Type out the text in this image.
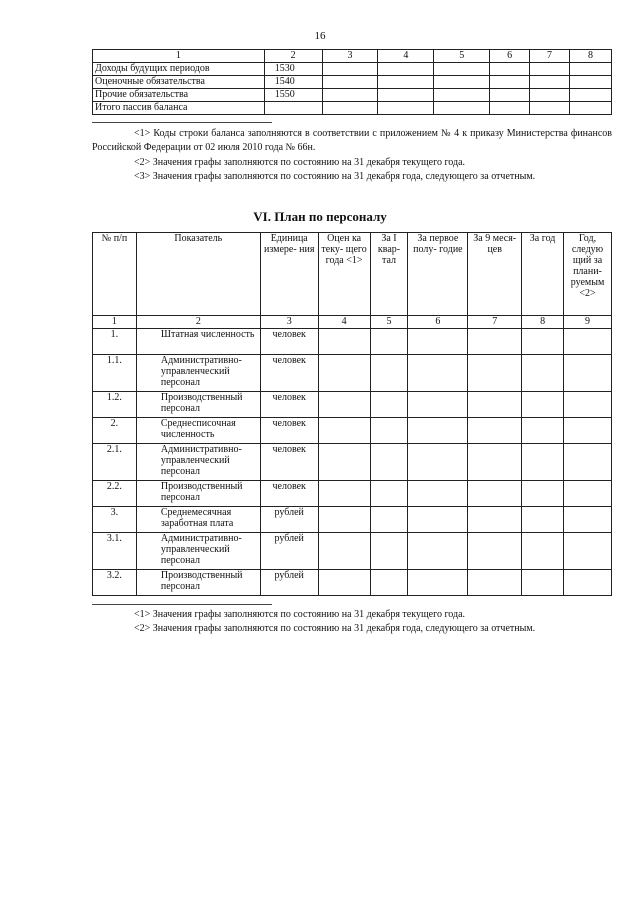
16
1	2	3	4	5	6	7	8
Доходы будущих периодов	1530						
Оценочные обязательства	1540						
Прочие обязательства	1550						
Итого пассив баланса							
<1> Коды строки баланса заполняются в соответствии с приложением № 4 к приказу Министерства финансов Российской Федерации от 02 июля 2010 года № 66н.
<2> Значения графы заполняются по состоянию на 31 декабря текущего года.
<3> Значения графы заполняются по состоянию на 31 декабря года, следующего за отчетным.
VI. План по персоналу
№ п/п	Показатель	Единица измере- ния	Оцен ка теку- щего года <1>	За I квар- тал	За первое полу- годие	За 9 меся- цев	За год	Год, следую щий за плани- руемым <2>
1	2	3	4	5	6	7	8	9
1.	Штатная численность	человек						
1.1.	Административно- управленческий персонал	человек						
1.2.	Производственный персонал	человек						
2.	Среднесписочная численность	человек						
2.1.	Административно- управленческий персонал	человек						
2.2.	Производственный персонал	человек						
3.	Среднемесячная заработная плата	рублей						
3.1.	Административно- управленческий персонал	рублей						
3.2.	Производственный персонал	рублей						
<1> Значения графы заполняются по состоянию на 31 декабря текущего года.
<2> Значения графы заполняются по состоянию на 31 декабря года, следующего за отчетным.
